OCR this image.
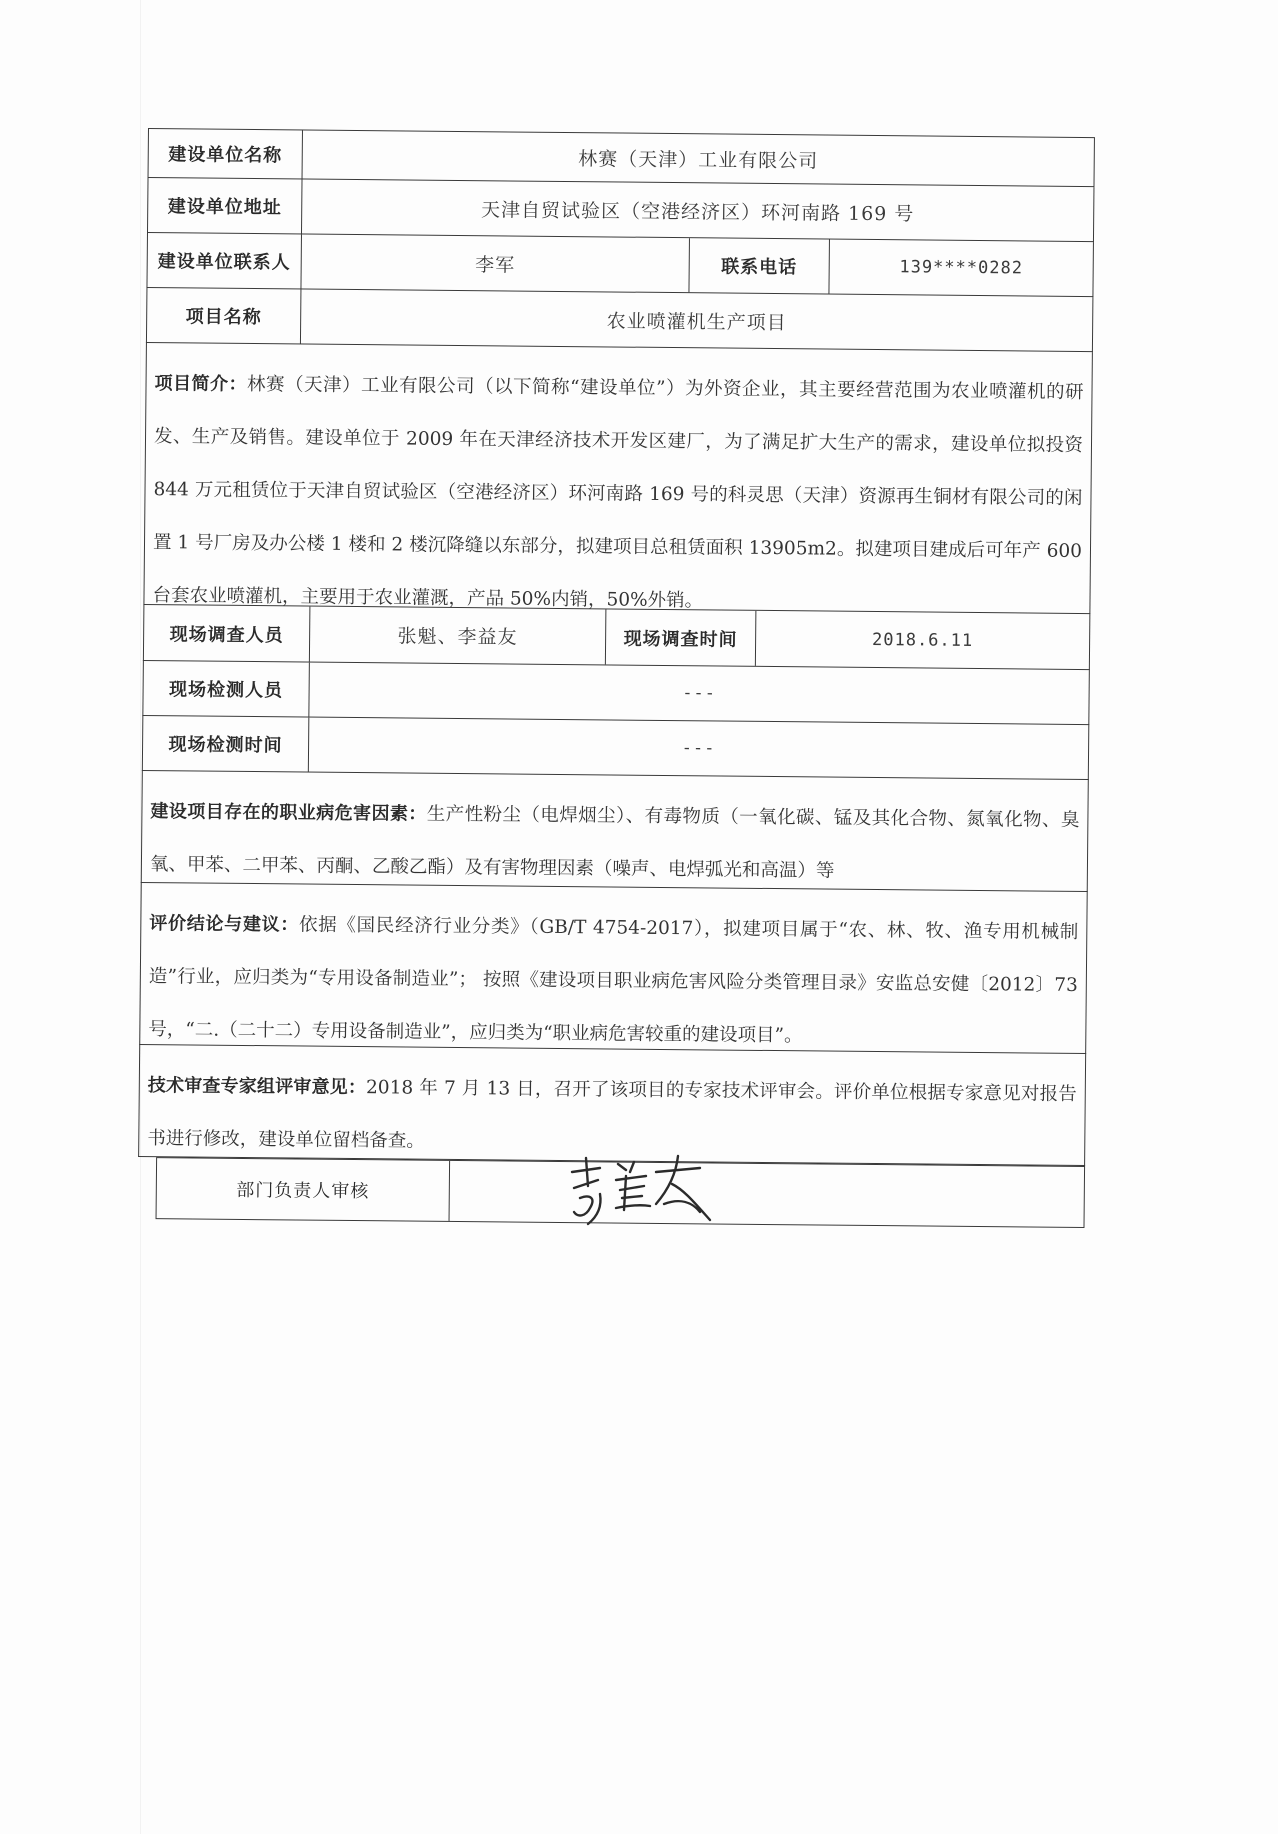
建设单位名称	林赛（天津）工业有限公司
建设单位地址	天津自贸试验区（空港经济区）环河南路 169 号
建设单位联系人	李军	联系电话	139****0282
项目名称	农业喷灌机生产项目
项目简介：林赛（天津）工业有限公司（以下简称“建设单位”）为外资企业，其主要经营范围为农业喷灌机的研发、生产及销售。建设单位于 2009 年在天津经济技术开发区建厂，为了满足扩大生产的需求，建设单位拟投资 844 万元租赁位于天津自贸试验区（空港经济区）环河南路 169 号的科灵思（天津）资源再生铜材有限公司的闲置 1 号厂房及办公楼 1 楼和 2 楼沉降缝以东部分，拟建项目总租赁面积 13905m2。拟建项目建成后可年产 600 台套农业喷灌机，主要用于农业灌溉，产品 50%内销，50%外销。
现场调查人员	张魁、李益友	现场调查时间	2018.6.11
现场检测人员	---
现场检测时间	---
建设项目存在的职业病危害因素：生产性粉尘（电焊烟尘）、有毒物质（一氧化碳、锰及其化合物、氮氧化物、臭氧、甲苯、二甲苯、丙酮、乙酸乙酯）及有害物理因素（噪声、电焊弧光和高温）等
评价结论与建议：依据《国民经济行业分类》（GB/T 4754-2017），拟建项目属于“农、林、牧、渔专用机械制造”行业，应归类为“专用设备制造业”； 按照《建设项目职业病危害风险分类管理目录》安监总安健〔2012〕73 号，“二.（二十二）专用设备制造业”，应归类为“职业病危害较重的建设项目”。
技术审查专家组评审意见：2018 年 7 月 13 日，召开了该项目的专家技术评审会。评价单位根据专家意见对报告书进行修改，建设单位留档备查。
部门负责人审核
